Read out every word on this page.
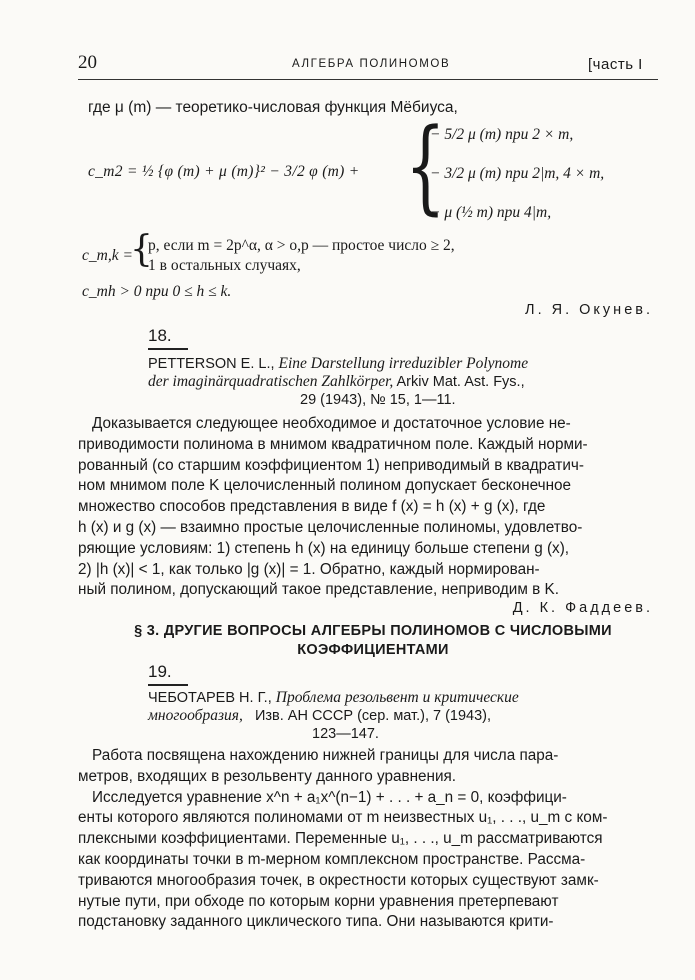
20	АЛГЕБРА ПОЛИНОМОВ	[часть I
где μ (m) — теоретико-числовая функция Мёбиуса,
{
c_m2 = ½ {φ (m) + μ (m)}² − 3/2 φ (m) +
− 5/2 μ (m) при 2 × m,
− 3/2 μ (m) при 2|m, 4 × m,
− μ (½ m) при 4|m,
c_m,k =
{
p, если m = 2p^α, α > o,p — простое число ≥ 2,
1 в остальных случаях,
c_mh > 0 при 0 ≤ h ≤ k.
Л. Я. Окунев.
18.
PETTERSON E. L., Eine Darstellung irreduzibler Polynome
der imaginärquadratischen Zahlkörper, Arkiv Mat. Ast. Fys.,
29 (1943), № 15, 1—11.
Доказывается следующее необходимое и достаточное условие не-
приводимости полинома в мнимом квадратичном поле. Каждый норми-
рованный (со старшим коэффициентом 1) неприводимый в квадратич-
ном мнимом поле K целочисленный полином допускает бесконечное
множество способов представления в виде f (x) = h (x) + g (x), где
h (x) и g (x) — взаимно простые целочисленные полиномы, удовлетво-
ряющие условиям: 1) степень h (x) на единицу больше степени g (x),
2) |h (x)| < 1, как только |g (x)| = 1. Обратно, каждый нормирован-
ный полином, допускающий такое представление, неприводим в K.
Д. К. Фаддеев.
§ 3. ДРУГИЕ ВОПРОСЫ АЛГЕБРЫ ПОЛИНОМОВ С ЧИСЛОВЫМИ
КОЭФФИЦИЕНТАМИ
19.
ЧЕБОТАРЕВ Н. Г., Проблема резольвент и критические
многообразия, Изв. АН СССР (сер. мат.), 7 (1943),
123—147.
Работа посвящена нахождению нижней границы для числа пара-
метров, входящих в резольвенту данного уравнения.
Исследуется уравнение x^n + a₁x^(n−1) + . . . + a_n = 0, коэффици-
енты которого являются полиномами от m неизвестных u₁, . . ., u_m с ком-
плексными коэффициентами. Переменные u₁, . . ., u_m рассматриваются
как координаты точки в m-мерном комплексном пространстве. Рассма-
триваются многообразия точек, в окрестности которых существуют замк-
нутые пути, при обходе по которым корни уравнения претерпевают
подстановку заданного циклического типа. Они называются крити-
